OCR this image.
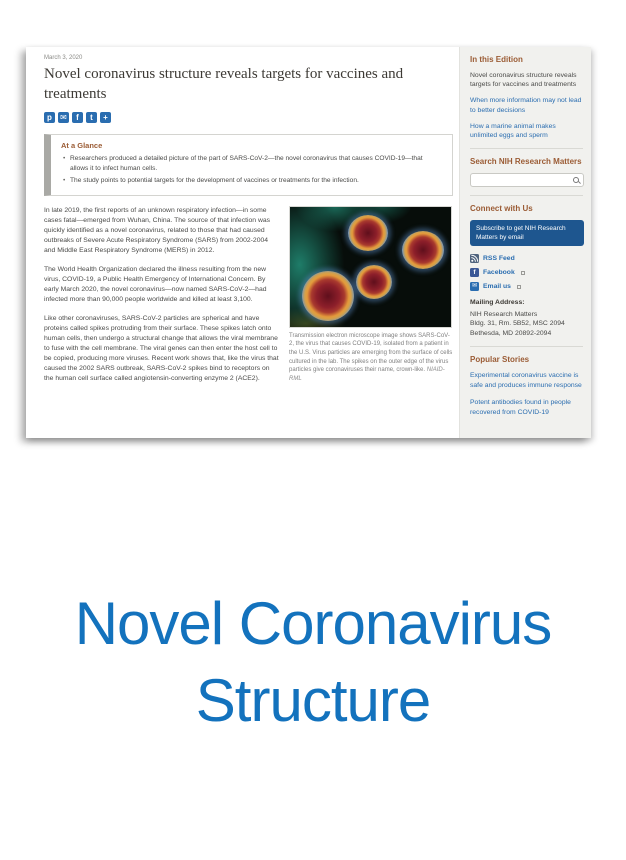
March 3, 2020
Novel coronavirus structure reveals targets for vaccines and treatments
p	✉	f	t	+
At a Glance
• Researchers produced a detailed picture of the part of SARS-CoV-2—the novel coronavirus that causes COVID-19—that allows it to infect human cells.
• The study points to potential targets for the development of vaccines or treatments for the infection.

In late 2019, the first reports of an unknown respiratory infection—in some cases fatal—emerged from Wuhan, China. The source of that infection was quickly identified as a novel coronavirus, related to those that had caused outbreaks of Severe Acute Respiratory Syndrome (SARS) from 2002-2004 and Middle East Respiratory Syndrome (MERS) in 2012.

The World Health Organization declared the illness resulting from the new virus, COVID-19, a Public Health Emergency of International Concern. By early March 2020, the novel coronavirus—now named SARS-CoV-2—had infected more than 90,000 people worldwide and killed at least 3,100.

Like other coronaviruses, SARS-CoV-2 particles are spherical and have proteins called spikes protruding from their surface. These spikes latch onto human cells, then undergo a structural change that allows the viral membrane to fuse with the cell membrane. The viral genes can then enter the host cell to be copied, producing more viruses. Recent work shows that, like the virus that caused the 2002 SARS outbreak, SARS-CoV-2 spikes bind to receptors on the human cell surface called angiotensin-converting enzyme 2 (ACE2).

Transmission electron microscope image shows SARS-CoV-2, the virus that causes COVID-19, isolated from a patient in the U.S. Virus particles are emerging from the surface of cells cultured in the lab. The spikes on the outer edge of the virus particles give coronaviruses their name, crown-like. NIAID-RML
In this Edition
Novel coronavirus structure reveals targets for vaccines and treatments
When more information may not lead to better decisions
How a marine animal makes unlimited eggs and sperm
Search NIH Research Matters
Connect with Us
Subscribe to get NIH Research Matters by email
RSS Feed
f	Facebook
✉ Email us
Mailing Address:
NIH Research Matters
Bldg. 31, Rm. 5B52, MSC 2094
Bethesda, MD 20892-2094
Popular Stories
Experimental coronavirus vaccine is safe and produces immune response
Potent antibodies found in people recovered from COVID-19
Novel Coronavirus
Structure
